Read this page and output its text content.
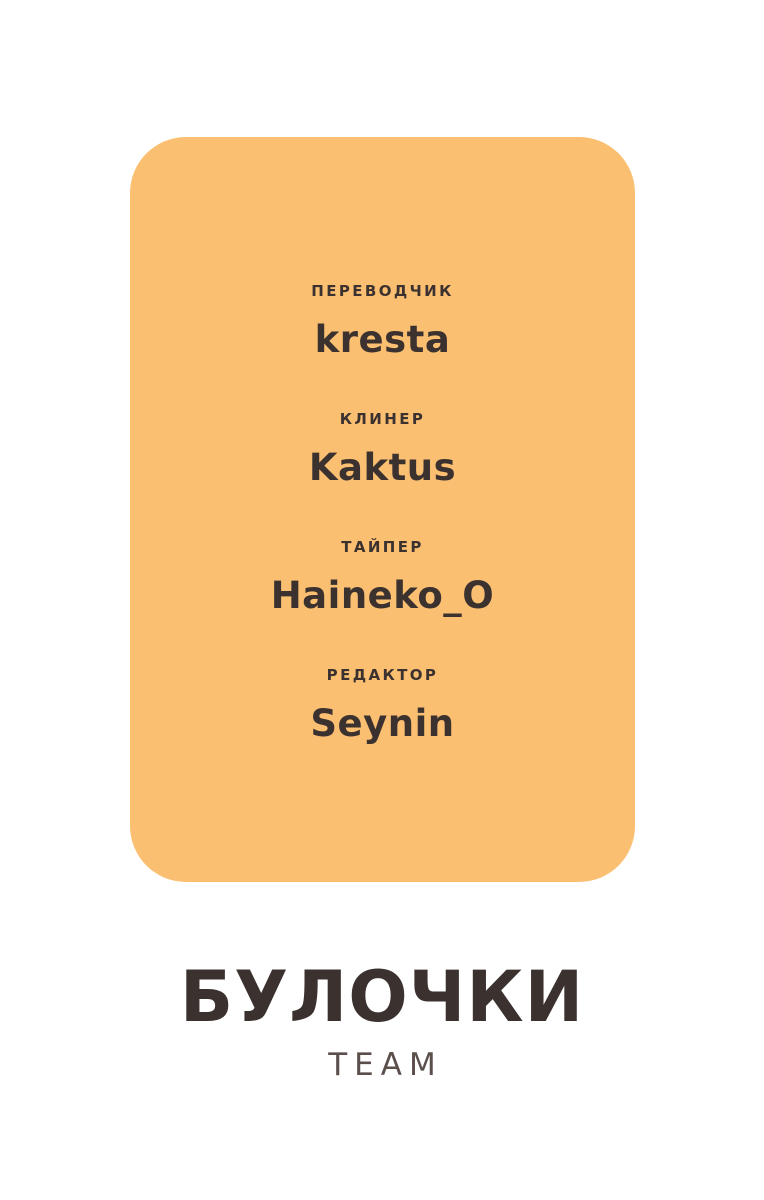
ПЕРЕВОДЧИК
kresta
КЛИНЕР
Kaktus
ТАЙПЕР
Haineko_O
РЕДАКТОР
Seynin
БУЛОЧКИ
TEAM
